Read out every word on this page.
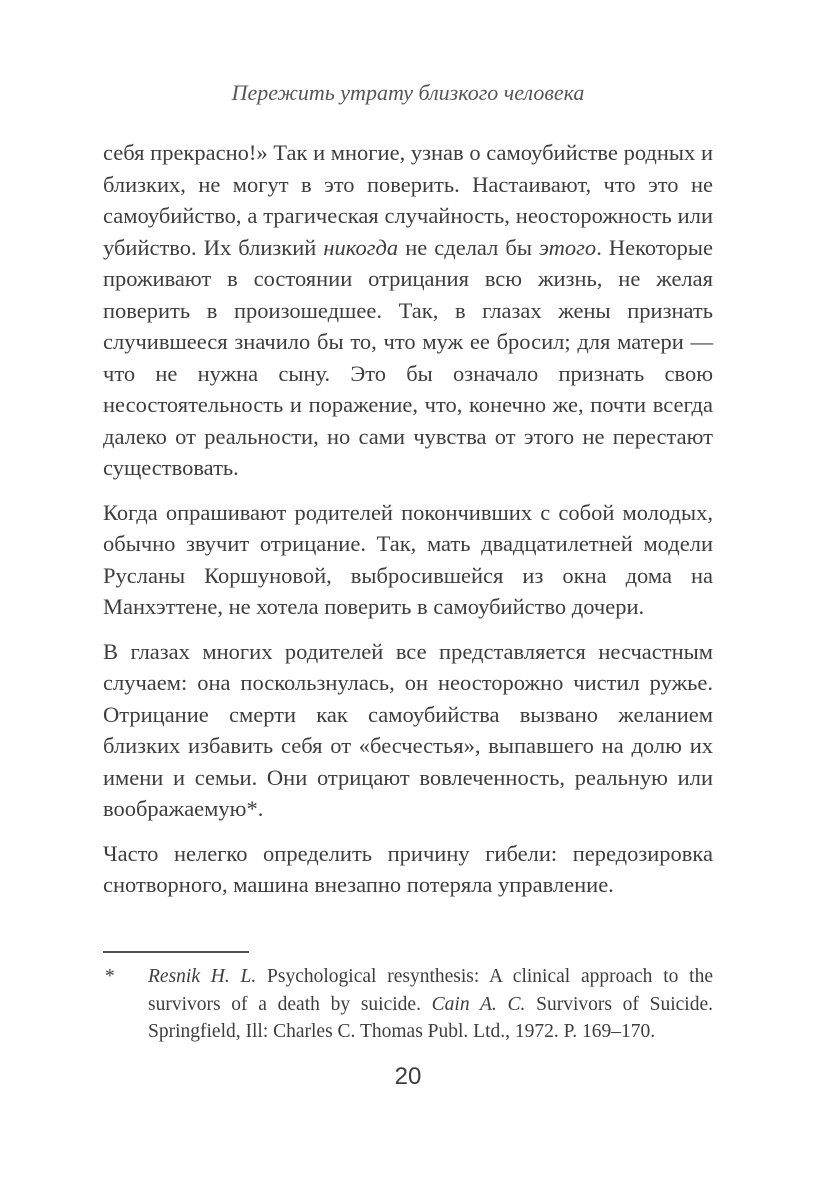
Пережить утрату близкого человека

себя прекрасно!» Так и многие, узнав о самоубийстве родных и близких, не могут в это поверить. Настаивают, что это не самоубийство, а трагическая случайность, неосторожность или убийство. Их близкий никогда не сделал бы этого. Некоторые проживают в состоянии отрицания всю жизнь, не желая поверить в произошедшее. Так, в глазах жены признать случившееся значило бы то, что муж ее бросил; для матери — что не нужна сыну. Это бы означало признать свою несостоятельность и поражение, что, конечно же, почти всегда далеко от реальности, но сами чувства от этого не перестают существовать.

Когда опрашивают родителей покончивших с собой молодых, обычно звучит отрицание. Так, мать двадцатилетней модели Русланы Коршуновой, выбросившейся из окна дома на Манхэттене, не хотела поверить в самоубийство дочери.

В глазах многих родителей все представляется несчастным случаем: она поскользнулась, он неосторожно чистил ружье. Отрицание смерти как самоубийства вызвано желанием близких избавить себя от «бесчестья», выпавшего на долю их имени и семьи. Они отрицают вовлеченность, реальную или воображаемую*.

Часто нелегко определить причину гибели: передозировка снотворного, машина внезапно потеряла управление.

* Resnik H. L. Psychological resynthesis: A clinical approach to the survivors of a death by suicide. Cain A. C. Survivors of Suicide. Springfield, Ill: Charles C. Thomas Publ. Ltd., 1972. P. 169–170.
20
